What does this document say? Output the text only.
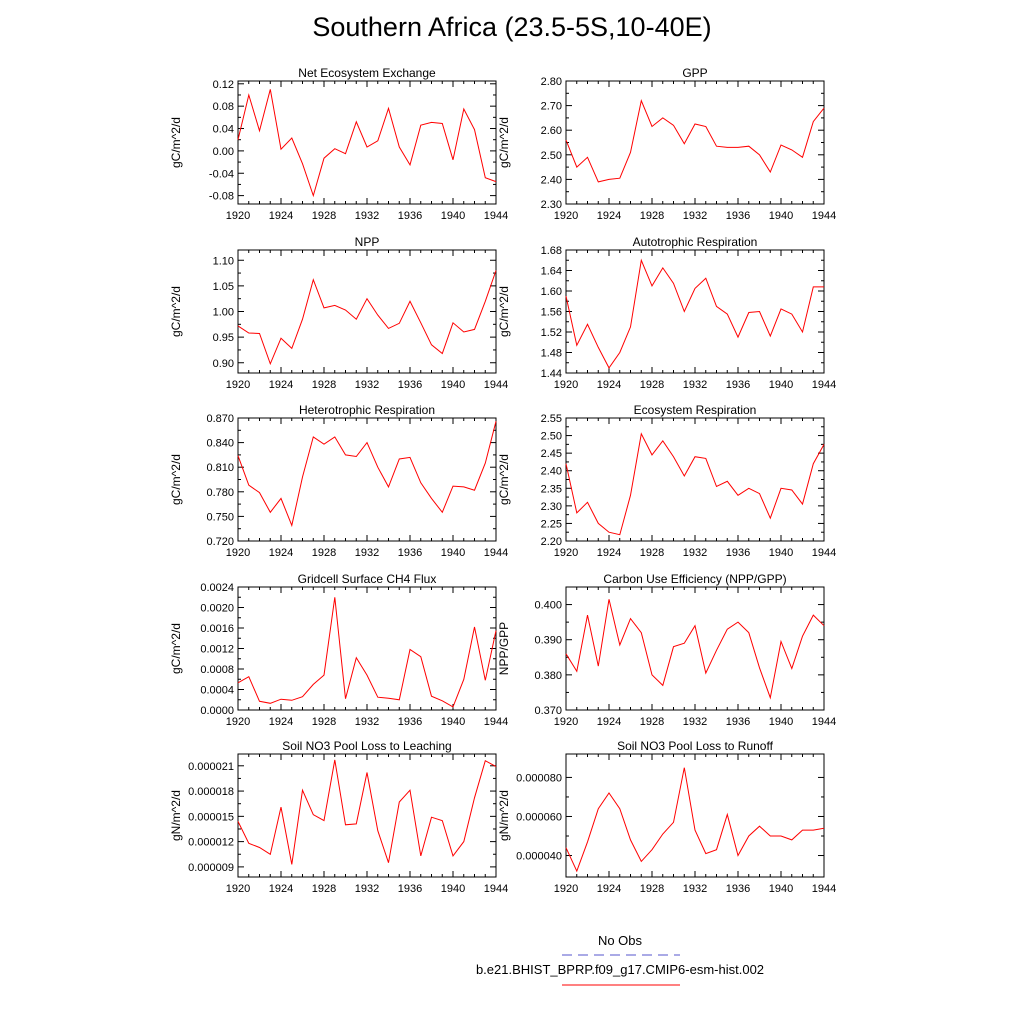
Southern Africa (23.5-5S,10-40E)
Net Ecosystem Exchange
gC/m^2/d
1920 1924 1928 1932 1936 1940 1944
-0.08
-0.04
0.00
0.04
0.08
0.12
GPP
gC/m^2/d
1920 1924 1928 1932 1936 1940 1944
2.30
2.40
2.50
2.60
2.70
2.80
NPP
gC/m^2/d
1920 1924 1928 1932 1936 1940 1944
0.90
0.95
1.00
1.05
1.10
Autotrophic Respiration
gC/m^2/d
1920 1924 1928 1932 1936 1940 1944
1.44
1.48
1.52
1.56
1.60
1.64
1.68
Heterotrophic Respiration
gC/m^2/d
1920 1924 1928 1932 1936 1940 1944
0.720
0.750
0.780
0.810
0.840
0.870
Ecosystem Respiration
gC/m^2/d
1920 1924 1928 1932 1936 1940 1944
2.20
2.25
2.30
2.35
2.40
2.45
2.50
2.55
Gridcell Surface CH4 Flux
gC/m^2/d
1920 1924 1928 1932 1936 1940 1944
0.0000
0.0004
0.0008
0.0012
0.0016
0.0020
0.0024
Carbon Use Efficiency (NPP/GPP)
NPP/GPP
1920 1924 1928 1932 1936 1940 1944
0.370
0.380
0.390
0.400
Soil NO3 Pool Loss to Leaching
gN/m^2/d
1920 1924 1928 1932 1936 1940 1944
0.000009
0.000012
0.000015
0.000018
0.000021
Soil NO3 Pool Loss to Runoff
gN/m^2/d
1920 1924 1928 1932 1936 1940 1944
0.000040
0.000060
0.000080
No Obs
b.e21.BHIST_BPRP.f09_g17.CMIP6-esm-hist.002
